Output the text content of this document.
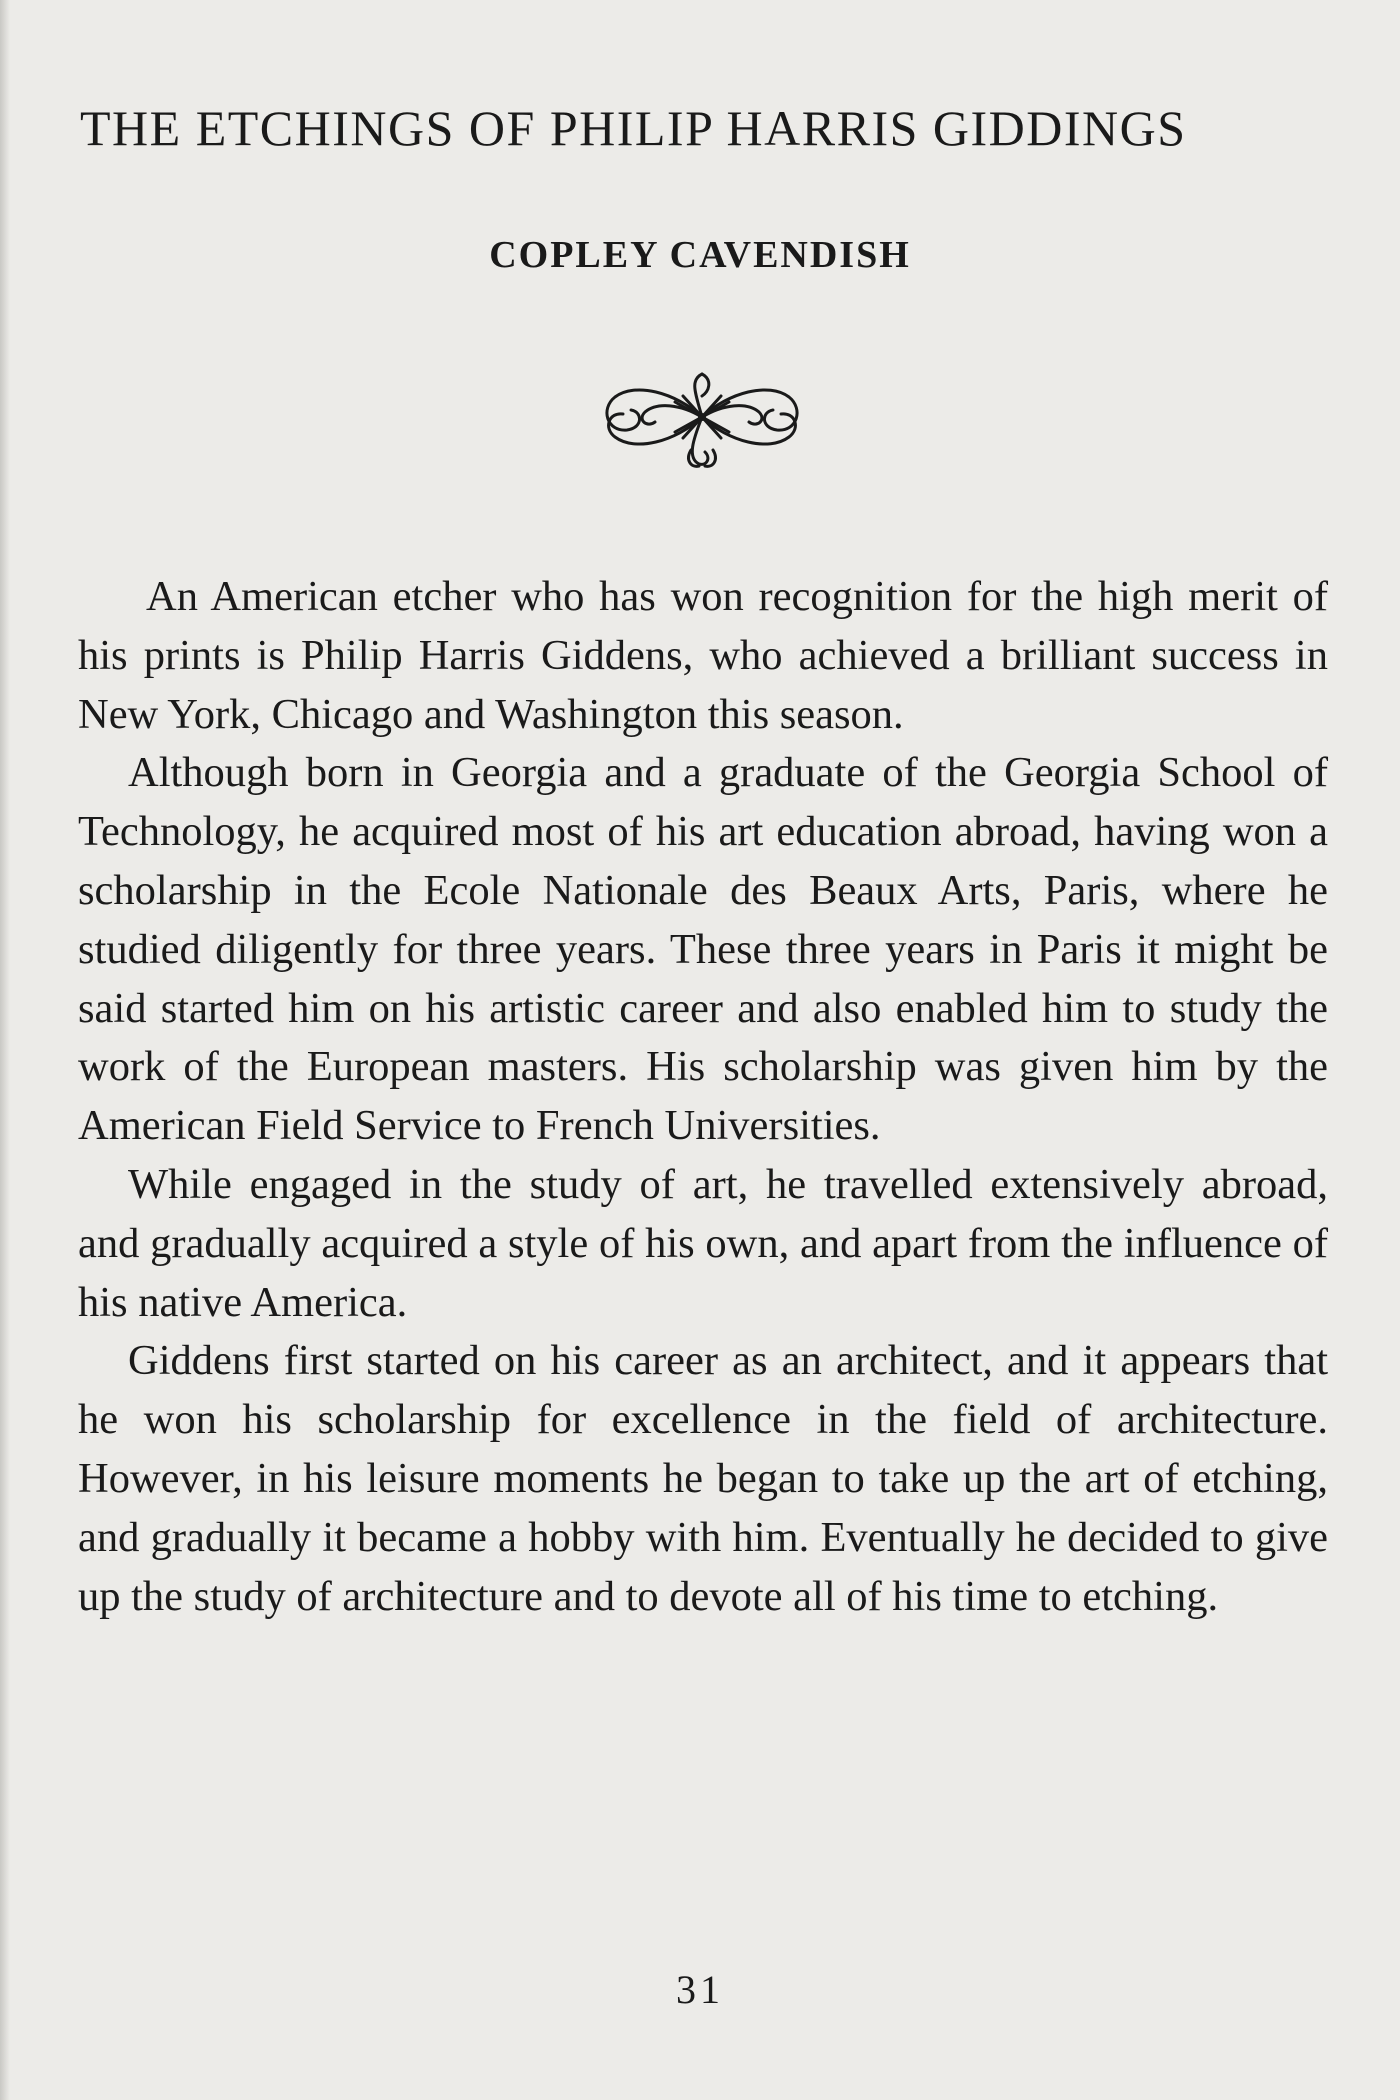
THE ETCHINGS OF PHILIP HARRIS GIDDINGS
COPLEY CAVENDISH

An American etcher who has won recognition for the high merit of his prints is Philip Harris Giddens, who achieved a brilliant success in New York, Chicago and Washington this season.

Although born in Georgia and a graduate of the Georgia School of Technology, he acquired most of his art education abroad, having won a scholarship in the Ecole Nationale des Beaux Arts, Paris, where he studied diligently for three years. These three years in Paris it might be said started him on his artistic career and also enabled him to study the work of the European masters. His scholarship was given him by the American Field Service to French Universities.

While engaged in the study of art, he travelled extensively abroad, and gradually acquired a style of his own, and apart from the influence of his native America.

Giddens first started on his career as an architect, and it appears that he won his scholarship for excellence in the field of architecture. However, in his leisure moments he began to take up the art of etching, and gradually it became a hobby with him. Eventually he decided to give up the study of architecture and to devote all of his time to etching.

31
